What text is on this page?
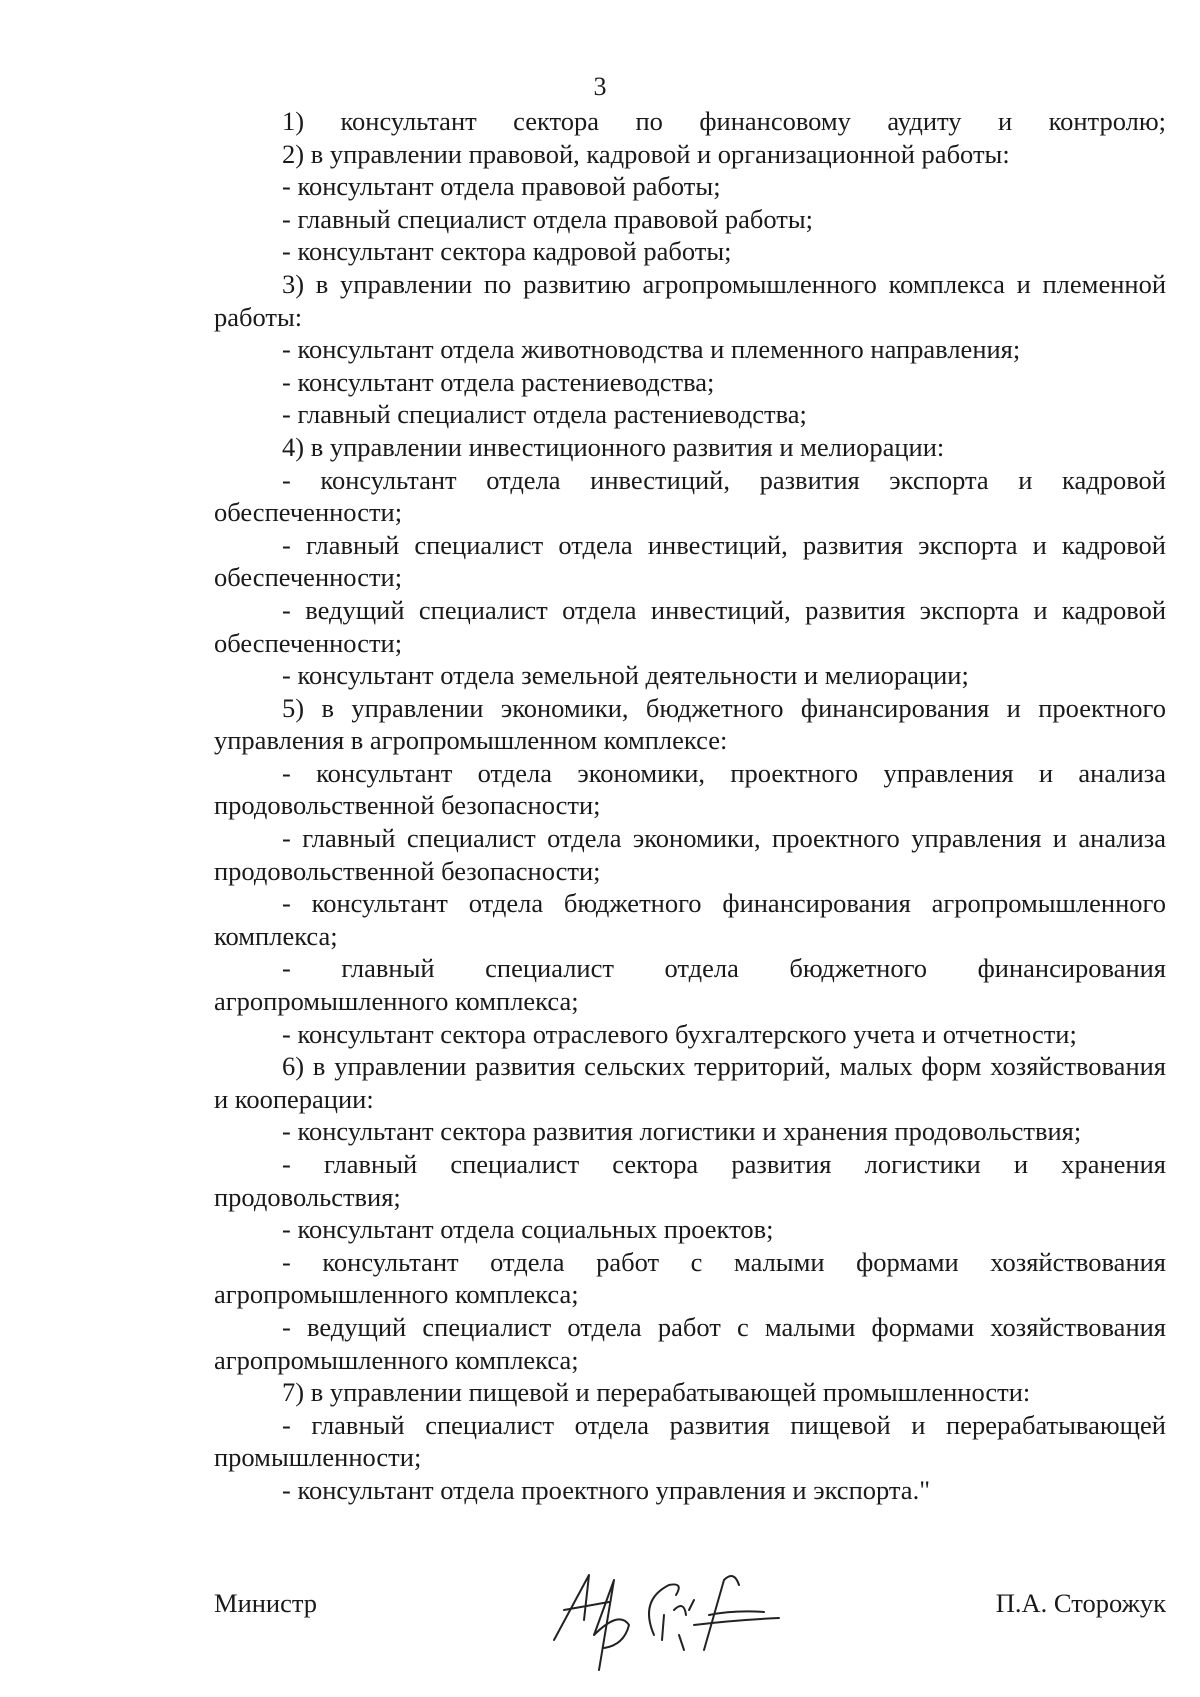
3

1) консультант сектора по финансовому аудиту и контролю;

2) в управлении правовой, кадровой и организационной работы:

- консультант отдела правовой работы;

- главный специалист отдела правовой работы;

- консультант сектора кадровой работы;

3) в управлении по развитию агропромышленного комплекса и племенной работы:

- консультант отдела животноводства и племенного направления;

- консультант отдела растениеводства;

- главный специалист отдела растениеводства;

4) в управлении инвестиционного развития и мелиорации:

- консультант отдела инвестиций, развития экспорта и кадровой обеспеченности;

- главный специалист отдела инвестиций, развития экспорта и кадровой обеспеченности;

- ведущий специалист отдела инвестиций, развития экспорта и кадровой обеспеченности;

- консультант отдела земельной деятельности и мелиорации;

5) в управлении экономики, бюджетного финансирования и проектного управления в агропромышленном комплексе:

- консультант отдела экономики, проектного управления и анализа продовольственной безопасности;

- главный специалист отдела экономики, проектного управления и анализа продовольственной безопасности;

- консультант отдела бюджетного финансирования агропромышленного комплекса;

- главный специалист отдела бюджетного финансирования агропромышленного комплекса;

- консультант сектора отраслевого бухгалтерского учета и отчетности;

6) в управлении развития сельских территорий, малых форм хозяйствования и кооперации:

- консультант сектора развития логистики и хранения продовольствия;

- главный специалист сектора развития логистики и хранения продовольствия;

- консультант отдела социальных проектов;

- консультант отдела работ с малыми формами хозяйствования агропромышленного комплекса;

- ведущий специалист отдела работ с малыми формами хозяйствования агропромышленного комплекса;

7) в управлении пищевой и перерабатывающей промышленности:

- главный специалист отдела развития пищевой и перерабатывающей промышленности;

- консультант отдела проектного управления и экспорта."

Министр	П.А. Сторожук
